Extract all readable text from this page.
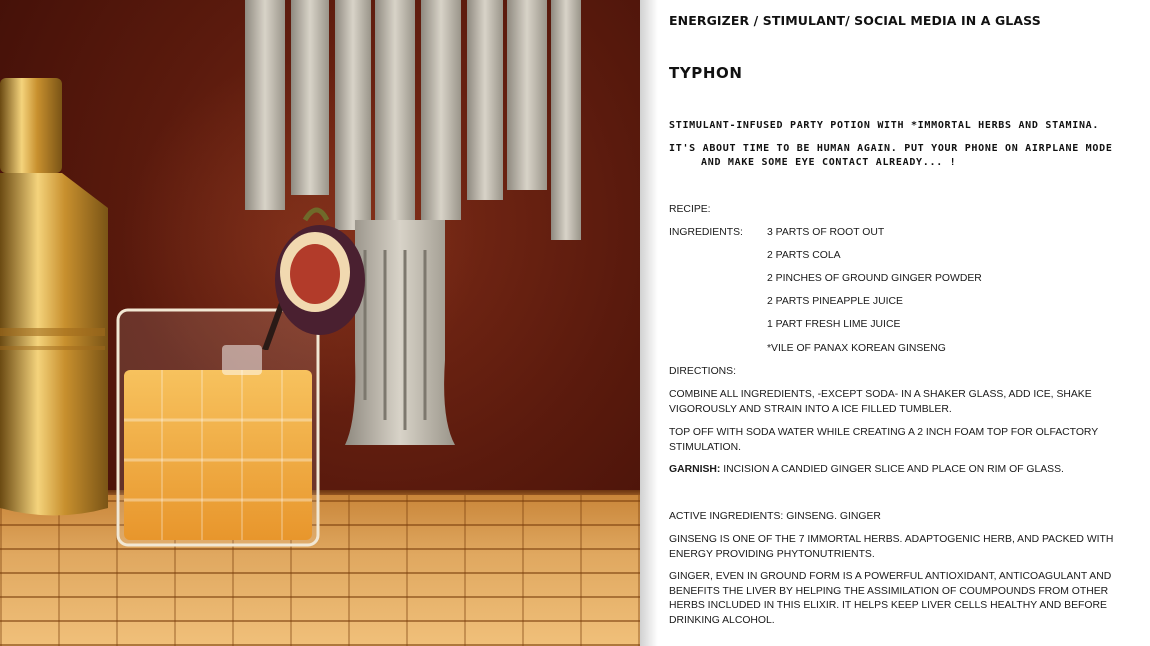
ENERGIZER / STIMULANT/ SOCIAL MEDIA IN A GLASS
TYPHON
STIMULANT-INFUSED PARTY POTION WITH *IMMORTAL HERBS AND STAMINA.
IT'S ABOUT TIME TO BE HUMAN AGAIN. PUT YOUR PHONE ON AIRPLANE MODE
AND MAKE SOME EYE CONTACT ALREADY... !
RECIPE:
INGREDIENTS: 3 PARTS OF ROOT OUT
2 PARTS COLA
2 PINCHES OF GROUND GINGER POWDER
2 PARTS PINEAPPLE JUICE
1 PART FRESH LIME JUICE
*VILE OF PANAX KOREAN GINSENG
DIRECTIONS:
COMBINE ALL INGREDIENTS, -EXCEPT SODA- IN A SHAKER GLASS, ADD ICE, SHAKE VIGOROUSLY AND STRAIN INTO A ICE FILLED TUMBLER.
TOP OFF WITH SODA WATER WHILE CREATING A 2 INCH FOAM TOP FOR OLFACTORY STIMULATION.
GARNISH: INCISION A CANDIED GINGER SLICE AND PLACE ON RIM OF GLASS.
ACTIVE INGREDIENTS: GINSENG. GINGER
GINSENG IS ONE OF THE 7 IMMORTAL HERBS. ADAPTOGENIC HERB, AND PACKED WITH ENERGY PROVIDING PHYTONUTRIENTS.
GINGER, EVEN IN GROUND FORM IS A POWERFUL ANTIOXIDANT, ANTICOAGULANT AND BENEFITS THE LIVER BY HELPING THE ASSIMILATION OF COUMPOUNDS FROM OTHER HERBS INCLUDED IN THIS ELIXIR. IT HELPS KEEP LIVER CELLS HEALTHY AND BEFORE DRINKING ALCOHOL.
